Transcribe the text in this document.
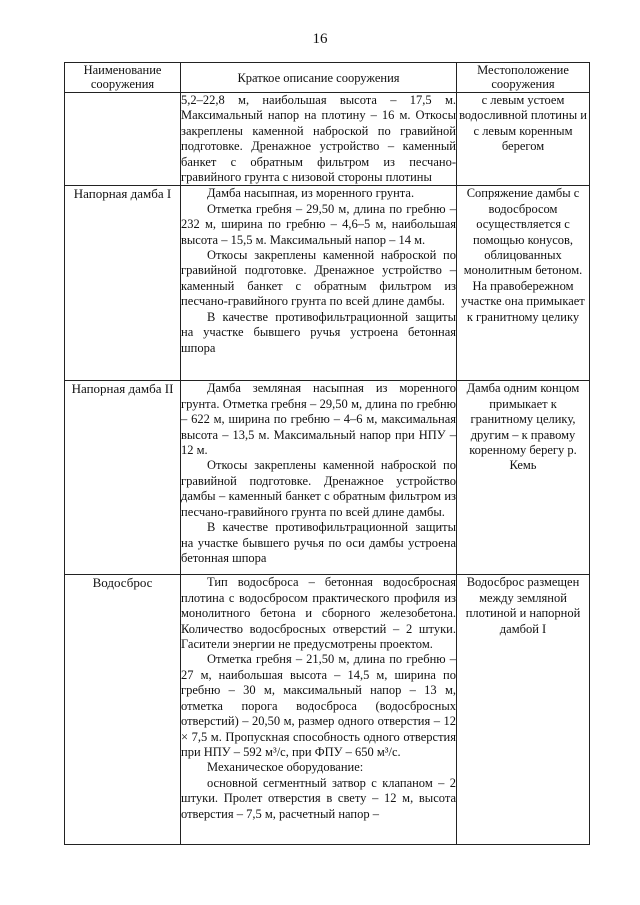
16
Наименование сооружения	Краткое описание сооружения	Местоположение сооружения

	5,2–22,8 м, наибольшая высота – 17,5 м. Максимальный напор на плотину – 16 м. Откосы закреплены каменной наброской по гравийной подготовке. Дренажное устройство – каменный банкет с обратным фильтром из песчано-гравийного грунта с низовой стороны плотины	с левым устоем водосливной плотины и с левым коренным берегом
Напорная дамба I	Дамба насыпная, из моренного грунта.

Отметка гребня – 29,50 м, длина по гребню – 232 м, ширина по гребню – 4,6–5 м, наибольшая высота – 15,5 м. Максимальный напор – 14 м.

Откосы закреплены каменной наброской по гравийной подготовке. Дренажное устройство – каменный банкет с обратным фильтром из песчано-гравийного грунта по всей длине дамбы.

В качестве противофильтрационной защиты на участке бывшего ручья устроена бетонная шпора	Сопряжение дамбы с водосбросом осуществляется с помощью конусов, облицованных монолитным бетоном. На правобережном участке она примыкает к гранитному целику
Напорная дамба II	Дамба земляная насыпная из моренного грунта. Отметка гребня – 29,50 м, длина по гребню – 622 м, ширина по гребню – 4–6 м, максимальная высота – 13,5 м. Максимальный напор при НПУ – 12 м.

Откосы закреплены каменной наброской по гравийной подготовке. Дренажное устройство дамбы – каменный банкет с обратным фильтром из песчано-гравийного грунта по всей длине дамбы.

В качестве противофильтрационной защиты на участке бывшего ручья по оси дамбы устроена бетонная шпора	Дамба одним концом примыкает к гранитному целику, другим – к правому коренному берегу р. Кемь
Водосброс	Тип водосброса – бетонная водосбросная плотина с водосбросом практического профиля из монолитного бетона и сборного железобетона. Количество водосбросных отверстий – 2 штуки. Гасители энергии не предусмотрены проектом.

Отметка гребня – 21,50 м, длина по гребню – 27 м, наибольшая высота – 14,5 м, ширина по гребню – 30 м, максимальный напор – 13 м, отметка порога водосброса (водосбросных отверстий) – 20,50 м, размер одного отверстия – 12 × 7,5 м. Пропускная способность одного отверстия при НПУ – 592 м³/с, при ФПУ – 650 м³/с.

Механическое оборудование:

основной сегментный затвор с клапаном – 2 штуки. Пролет отверстия в свету – 12 м, высота отверстия – 7,5 м, расчетный напор –	Водосброс размещен между земляной плотиной и напорной дамбой I
